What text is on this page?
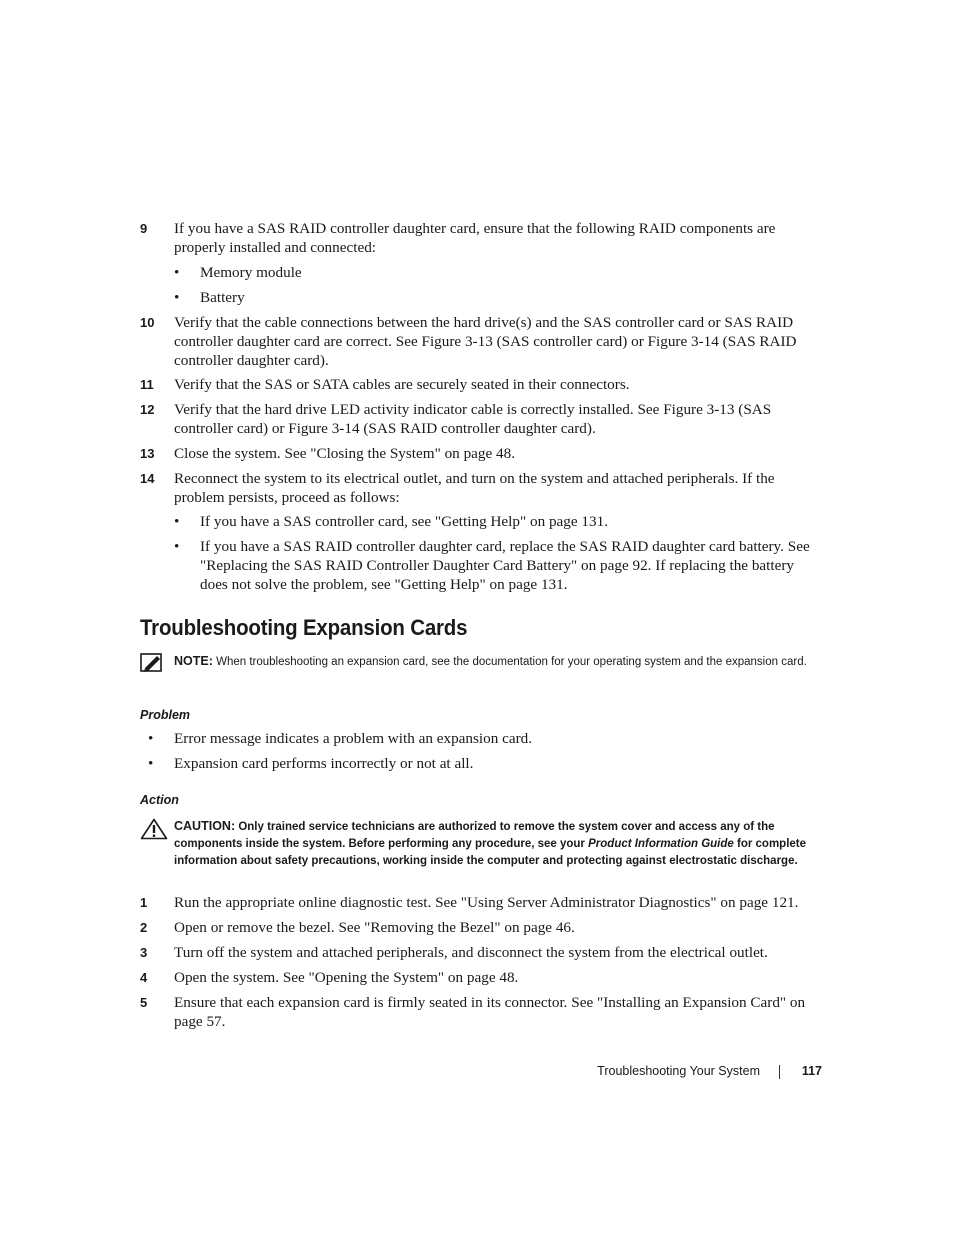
9	If you have a SAS RAID controller daughter card, ensure that the following RAID components are properly installed and connected:
• Memory module
• Battery
10	Verify that the cable connections between the hard drive(s) and the SAS controller card or SAS RAID controller daughter card are correct. See Figure 3-13 (SAS controller card) or Figure 3-14 (SAS RAID controller daughter card).
11	Verify that the SAS or SATA cables are securely seated in their connectors.
12	Verify that the hard drive LED activity indicator cable is correctly installed. See Figure 3-13 (SAS controller card) or Figure 3-14 (SAS RAID controller daughter card).
13	Close the system. See "Closing the System" on page 48.
14	Reconnect the system to its electrical outlet, and turn on the system and attached peripherals. If the problem persists, proceed as follows:
• If you have a SAS controller card, see "Getting Help" on page 131.
• If you have a SAS RAID controller daughter card, replace the SAS RAID daughter card battery. See "Replacing the SAS RAID Controller Daughter Card Battery" on page 92. If replacing the battery does not solve the problem, see "Getting Help" on page 131.
Troubleshooting Expansion Cards
NOTE: When troubleshooting an expansion card, see the documentation for your operating system and the expansion card.
Problem
• Error message indicates a problem with an expansion card.
• Expansion card performs incorrectly or not at all.
Action
CAUTION: Only trained service technicians are authorized to remove the system cover and access any of the components inside the system. Before performing any procedure, see your Product Information Guide for complete information about safety precautions, working inside the computer and protecting against electrostatic discharge.
1	Run the appropriate online diagnostic test. See "Using Server Administrator Diagnostics" on page 121.
2	Open or remove the bezel. See "Removing the Bezel" on page 46.
3	Turn off the system and attached peripherals, and disconnect the system from the electrical outlet.
4	Open the system. See "Opening the System" on page 48.
5	Ensure that each expansion card is firmly seated in its connector. See "Installing an Expansion Card" on page 57.
Troubleshooting Your System	117
